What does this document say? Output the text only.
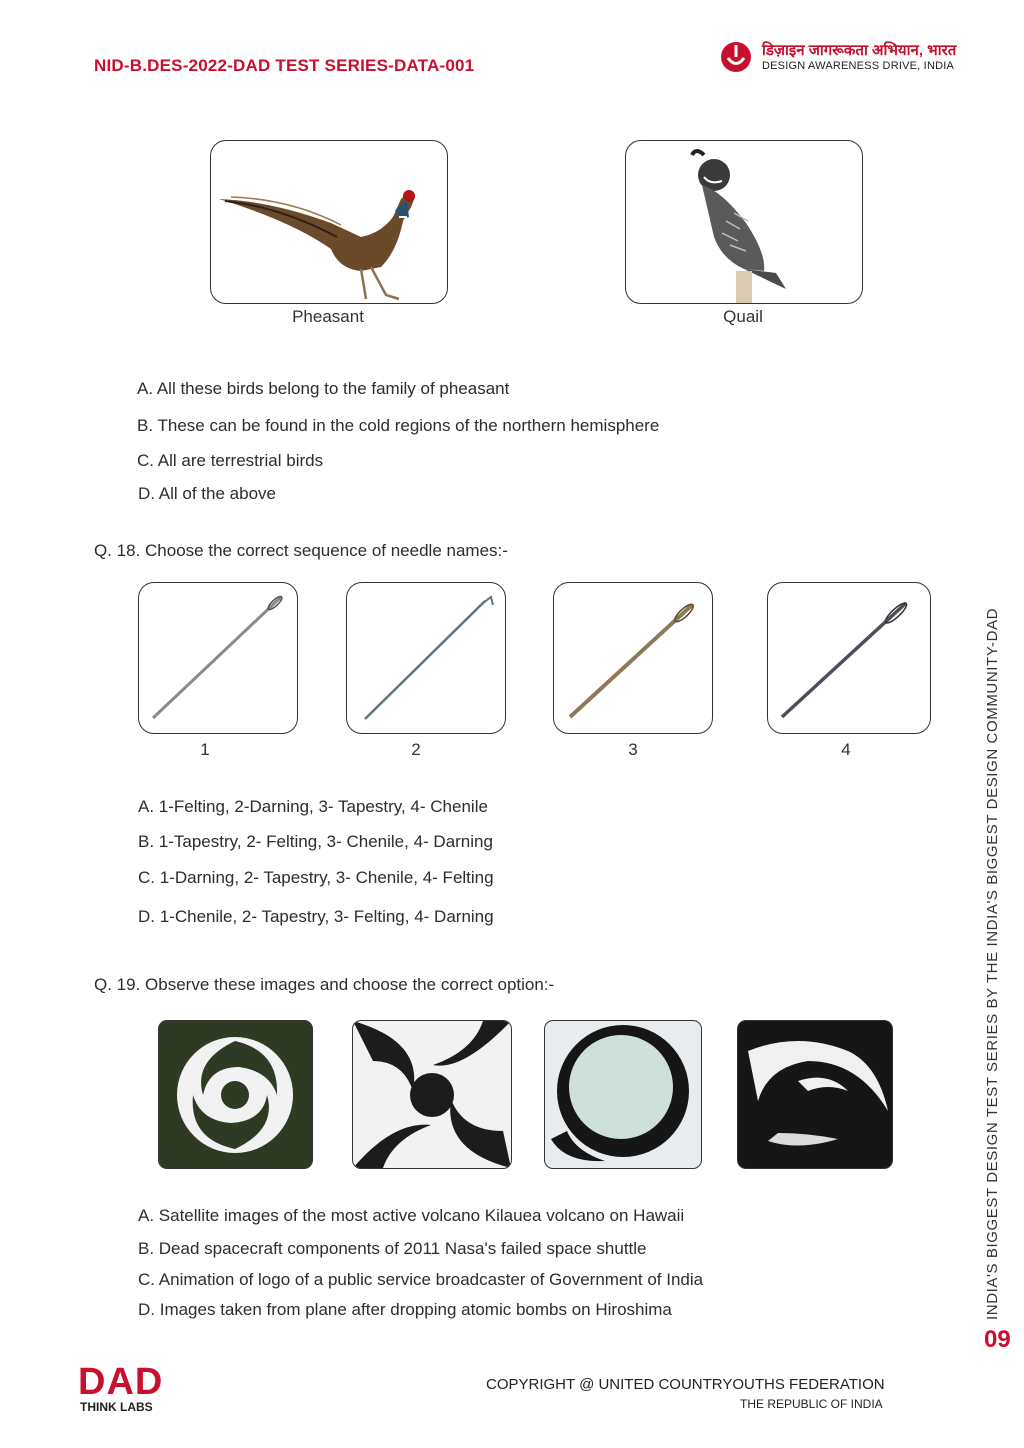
NID-B.DES-2022-DAD TEST SERIES-DATA-001
डिज़ाइन जागरूकता अभियान, भारत
DESIGN AWARENESS DRIVE, INDIA
Pheasant	Quail
A. All these birds belong to the family of pheasant
B. These can be found in the cold regions of the northern hemisphere
C. All are terrestrial birds
D. All of the above
Q. 18. Choose the correct sequence of needle names:-
1	2	3	4
A. 1-Felting, 2-Darning, 3- Tapestry, 4- Chenile
B. 1-Tapestry, 2- Felting, 3- Chenile, 4- Darning
C. 1-Darning, 2- Tapestry, 3- Chenile, 4- Felting
D. 1-Chenile, 2- Tapestry, 3- Felting, 4- Darning
Q. 19. Observe these images and choose the correct option:-
A. Satellite images of the most active volcano Kilauea volcano on Hawaii
B. Dead spacecraft components of 2011 Nasa's failed space shuttle
C. Animation of logo of a public service broadcaster of Government of India
D. Images taken from plane after dropping atomic bombs on Hiroshima	INDIA'S BIGGEST DESIGN TEST SERIES BY THE INDIA'S BIGGEST DESIGN COMMUNITY-DAD
09
DAD
THINK LABS
COPYRIGHT @ UNITED COUNTRYOUTHS FEDERATION
THE REPUBLIC OF INDIA
